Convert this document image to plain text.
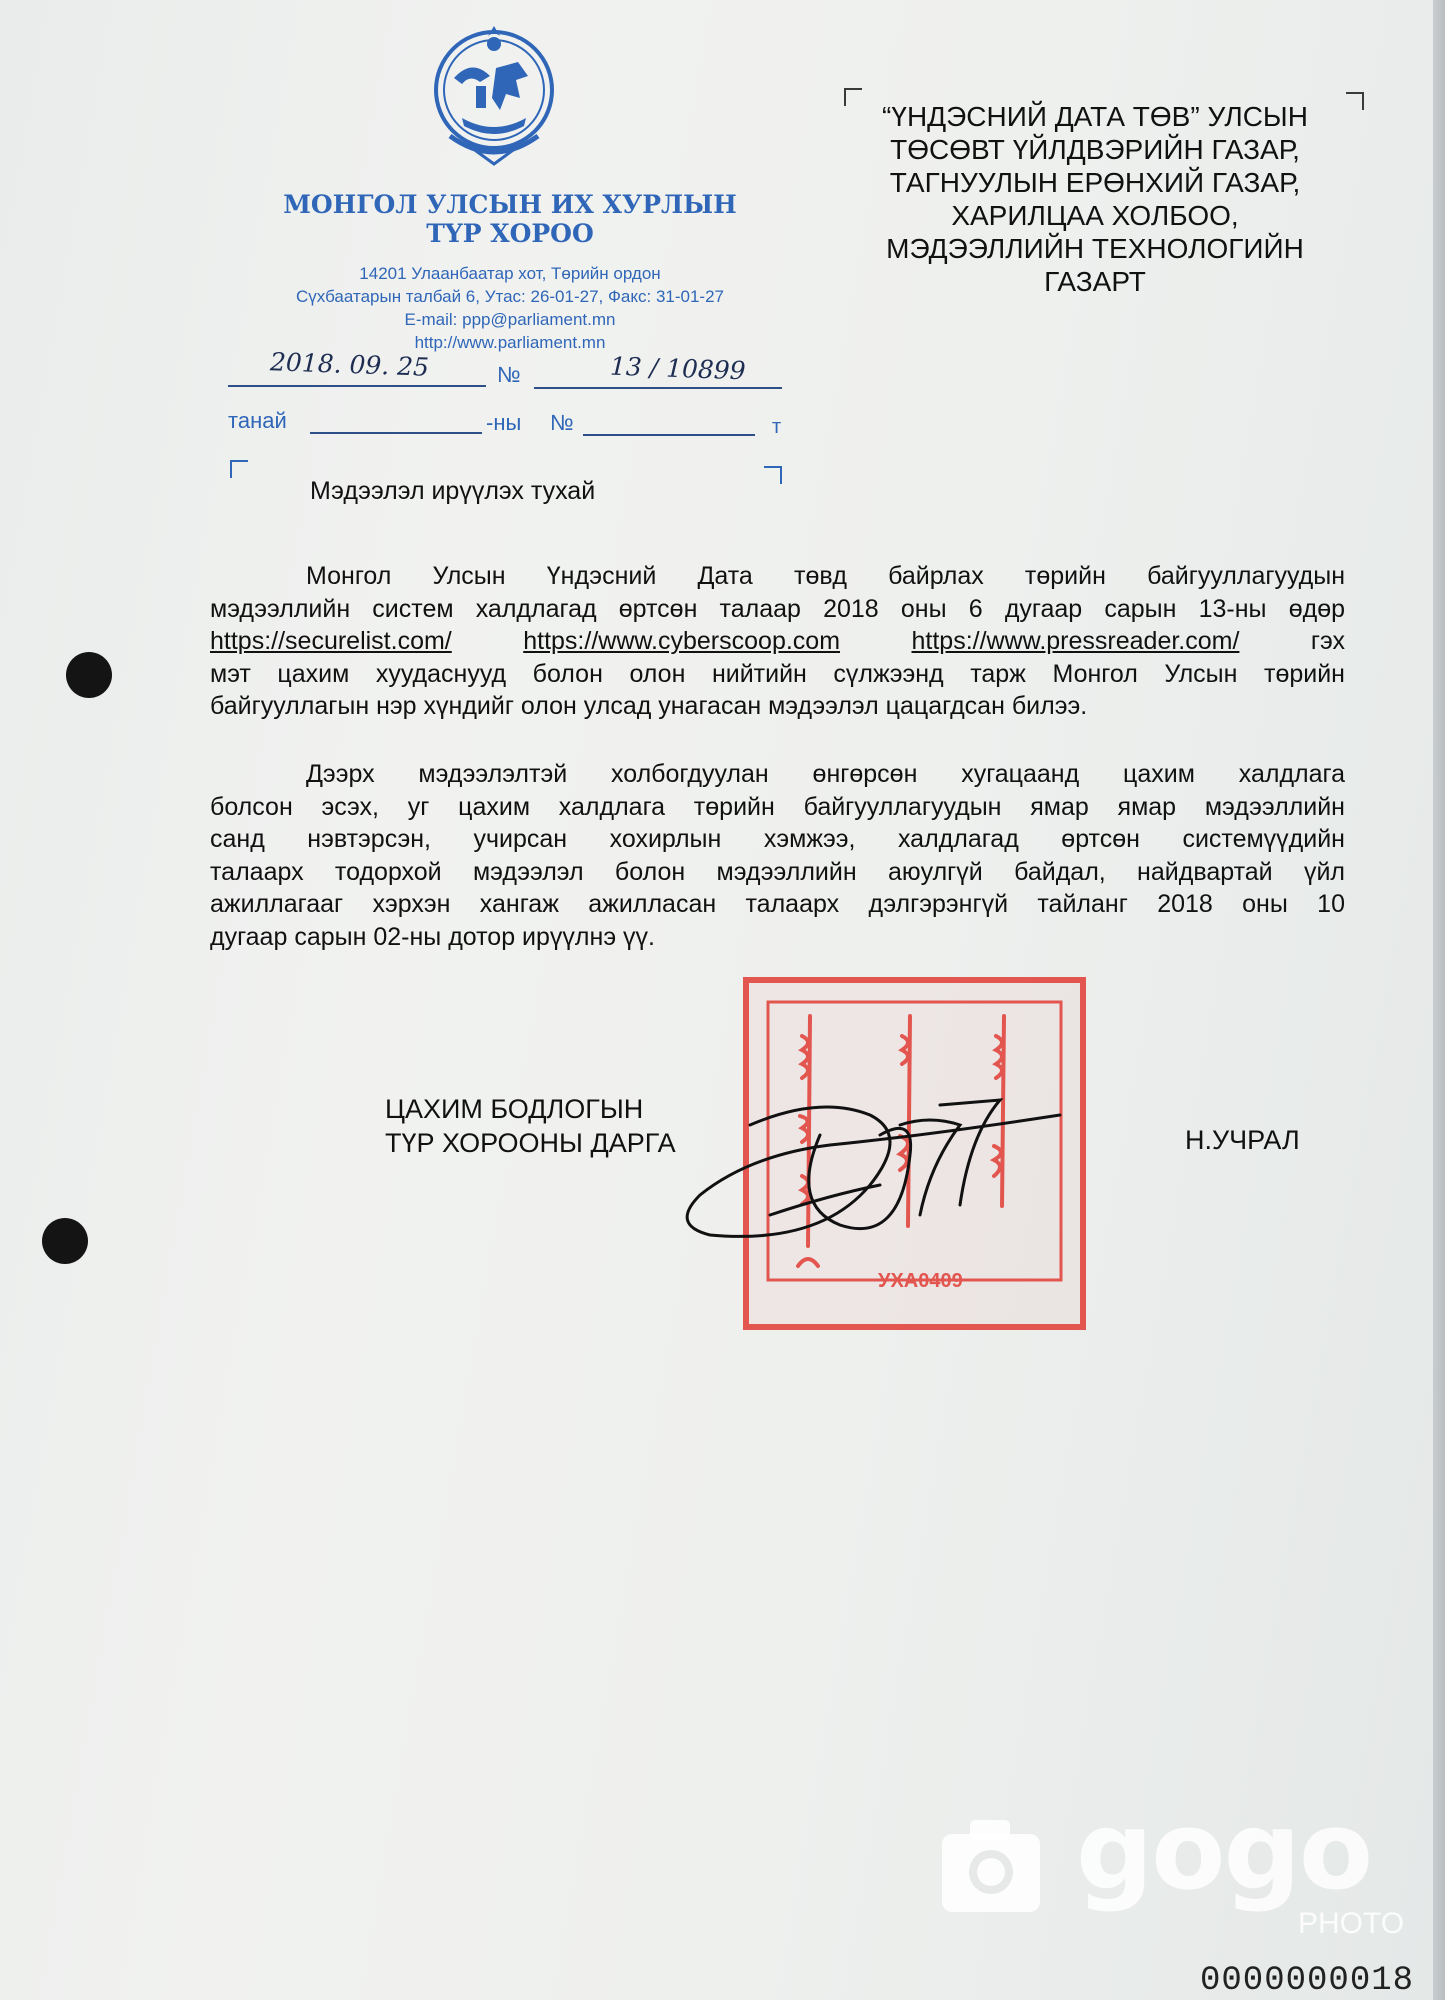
МОНГОЛ УЛСЫН ИХ ХУРЛЫН
ТҮР ХОРОО
14201 Улаанбаатар хот, Төрийн ордон
Сүхбаатарын талбай 6, Утас: 26-01-27, Факс: 31-01-27
E-mail: ppp@parliament.mn
http://www.parliament.mn
2018. 09. 25	№	13 / 10899
танай	-ны №	т
“ҮНДЭСНИЙ ДАТА ТӨВ” УЛСЫН
ТӨСӨВТ ҮЙЛДВЭРИЙН ГАЗАР,
ТАГНУУЛЫН ЕРӨНХИЙ ГАЗАР,
ХАРИЛЦАА ХОЛБОО,
МЭДЭЭЛЛИЙН ТЕХНОЛОГИЙН
ГАЗАРТ
Мэдээлэл ирүүлэх тухай
Монгол Улсын Үндэсний Дата төвд байрлах төрийн байгууллагуудын
мэдээллийн систем халдлагад өртсөн талаар 2018 оны 6 дугаар сарын 13-ны өдөр
https://securelist.com/	https://www.cyberscoop.com	https://www.pressreader.com/	гэх
мэт цахим хуудаснууд болон олон нийтийн сүлжээнд тарж Монгол Улсын төрийн
байгууллагын нэр хүндийг олон улсад унагасан мэдээлэл цацагдсан билээ.
Дээрх мэдээлэлтэй холбогдуулан өнгөрсөн хугацаанд цахим халдлага
болсон эсэх, уг цахим халдлага төрийн байгууллагуудын ямар ямар мэдээллийн
санд нэвтэрсэн, учирсан хохирлын хэмжээ, халдлагад өртсөн системүүдийн
талаарх тодорхой мэдээлэл болон мэдээллийн аюулгүй байдал, найдвартай үйл
ажиллагааг хэрхэн хангаж ажилласан талаарх дэлгэрэнгүй тайланг 2018 оны 10
дугаар сарын 02-ны дотор ирүүлнэ үү.
УХА0409
ЦАХИМ БОДЛОГЫН
ТҮР ХОРООНЫ ДАРГА	Н.УЧРАЛ
gogo
PHOTO
0000000018
